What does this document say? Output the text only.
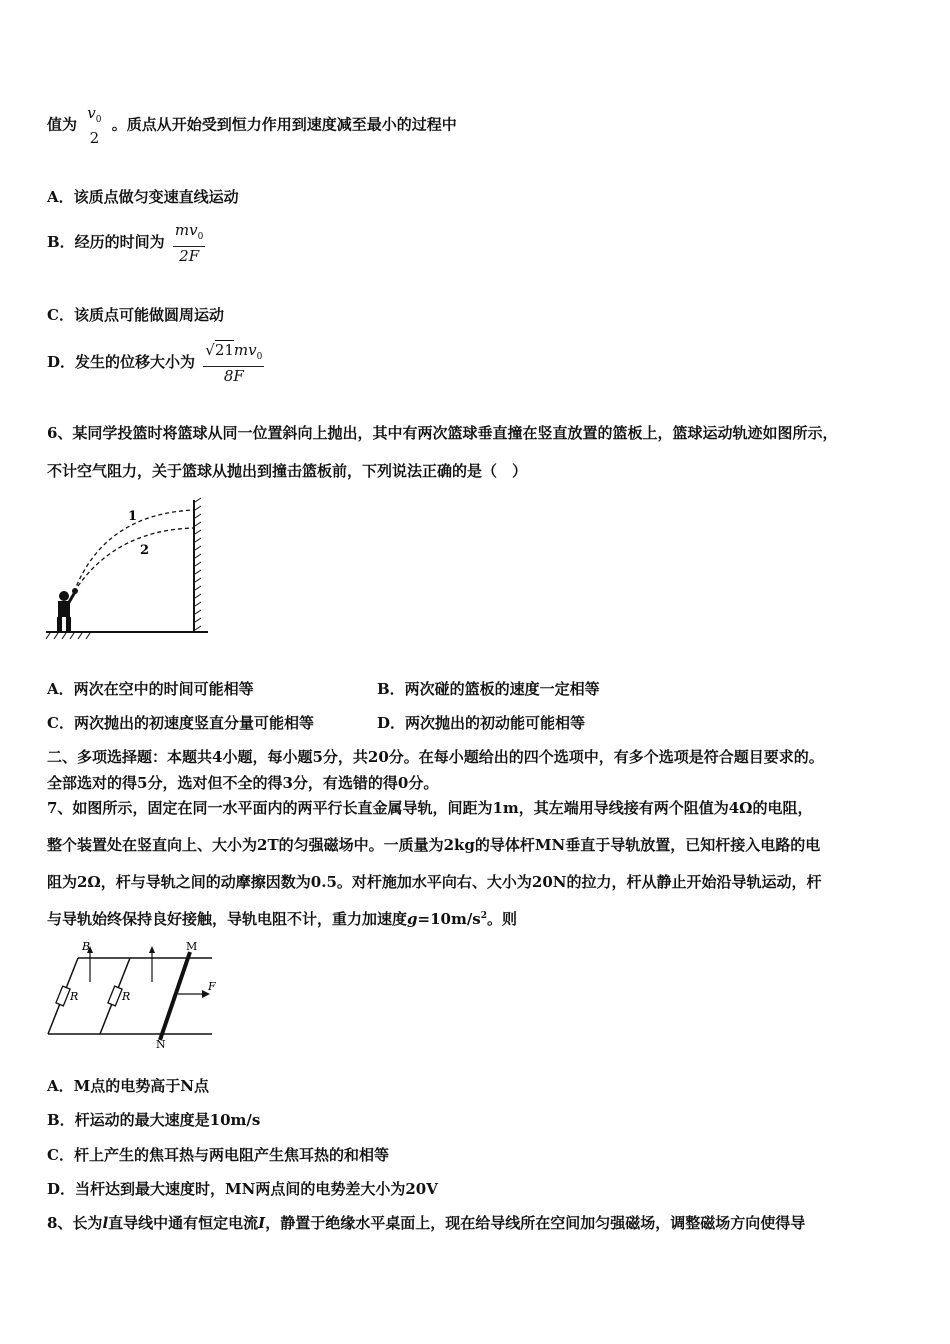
值为
$v_0$
2
。质点从开始受到恒力作用到速度减至最小的过程中
A．该质点做匀变速直线运动
B．经历的时间为 $\frac{mv_0}{2F}$
C．该质点可能做圆周运动
D．发生的位移大小为 $\frac{√21mv_0}{8F}$
6、某同学投篮时将篮球从同一位置斜向上抛出，其中有两次篮球垂直撞在竖直放置的篮板上，篮球运动轨迹如图所示，
不计空气阻力，关于篮球从抛出到撞击篮板前，下列说法正确的是（　）
1
2
A．两次在空中的时间可能相等	B．两次碰的篮板的速度一定相等
C．两次抛出的初速度竖直分量可能相等	D．两次抛出的初动能可能相等
二、多项选择题：本题共4小题，每小题5分，共20分。在每小题给出的四个选项中，有多个选项是符合题目要求的。
全部选对的得5分，选对但不全的得3分，有选错的得0分。
7、如图所示，固定在同一水平面内的两平行长直金属导轨，间距为1m，其左端用导线接有两个阻值为4Ω的电阻，
整个装置处在竖直向上、大小为2T的匀强磁场中。一质量为2kg的导体杆MN垂直于导轨放置，已知杆接入电路的电
阻为2Ω，杆与导轨之间的动摩擦因数为0.5。对杆施加水平向右、大小为20N的拉力，杆从静止开始沿导轨运动，杆
与导轨始终保持良好接触，导轨电阻不计，重力加速度$g=10m/s^2$。则
R	R
B	M
N
F
A．M点的电势高于N点
B．杆运动的最大速度是10m/s
C．杆上产生的焦耳热与两电阻产生焦耳热的和相等
D．当杆达到最大速度时，MN两点间的电势差大小为20V
8、长为l直导线中通有恒定电流I，静置于绝缘水平桌面上，现在给导线所在空间加匀强磁场，调整磁场方向使得导
